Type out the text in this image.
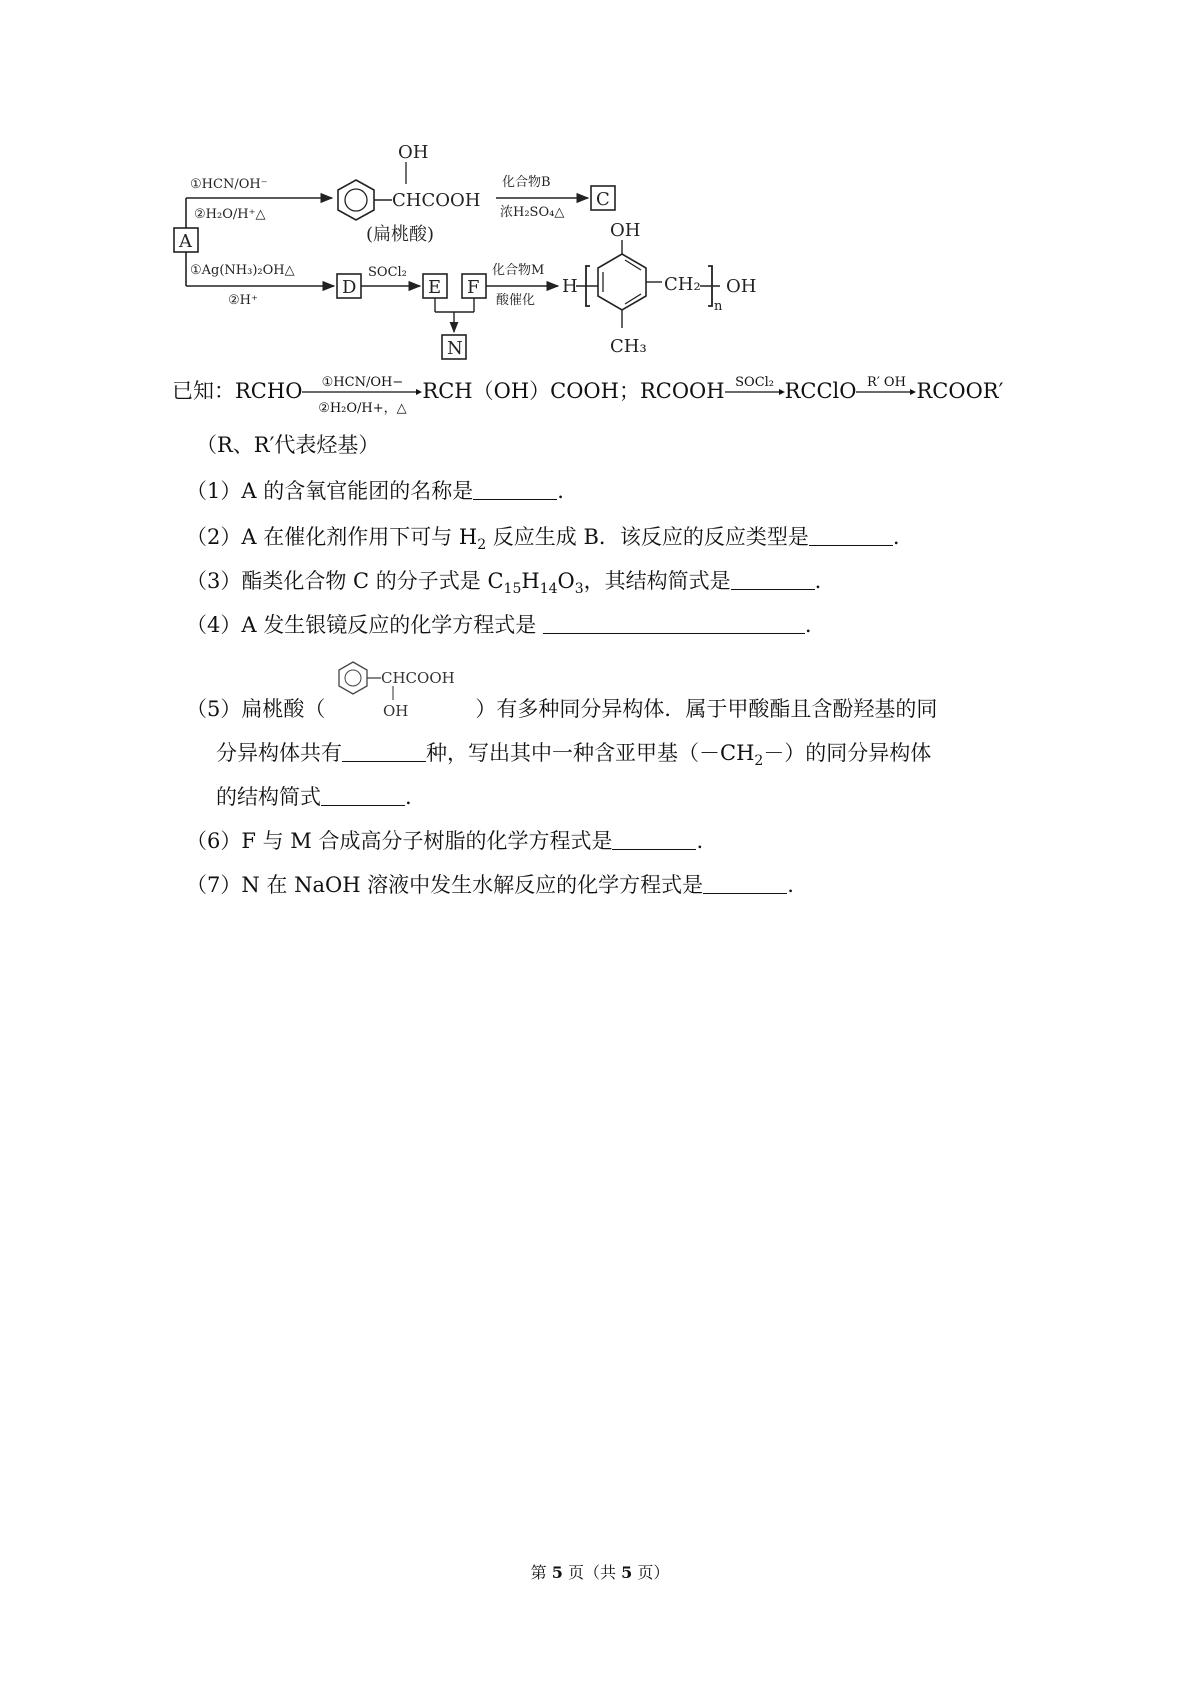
A
①HCN/OH⁻
②H₂O/H⁺△
OH
CHCOOH
(扁桃酸)
化合物B
浓H₂SO₄△
C
①Ag(NH₃)₂OH△
②H⁺
D
SOCl₂
E F
N
化合物M
酸催化
H
OH
CH₂
n
OH
CH₃
已知：RCHO	①HCN/OH−
②H₂O/H+，△
RCH（OH）COOH；RCOOH SOCl₂ RCClO R′ OH RCOOR′
（R、R′代表烃基）
（1）A 的含氧官能团的名称是	.
（2）A 在催化剂作用下可与 $H_2$ 反应生成 B．该反应的反应类型是	.
（3）酯类化合物 C 的分子式是 $C_{15}H_{14}O_3$，其结构简式是	.
（4）A 发生银镜反应的化学方程式是	.
（5）扁桃酸（
CHCOOH
OH	）有多种同分异构体．属于甲酸酯且含酚羟基的同
分异构体共有	种，写出其中一种含亚甲基$(-CH_2-)$的同分异构体
的结构简式	.
（6）F 与 M 合成高分子树脂的化学方程式是	.
（7）N 在 NaOH 溶液中发生水解反应的化学方程式是	.
第 5 页（共 5 页）
